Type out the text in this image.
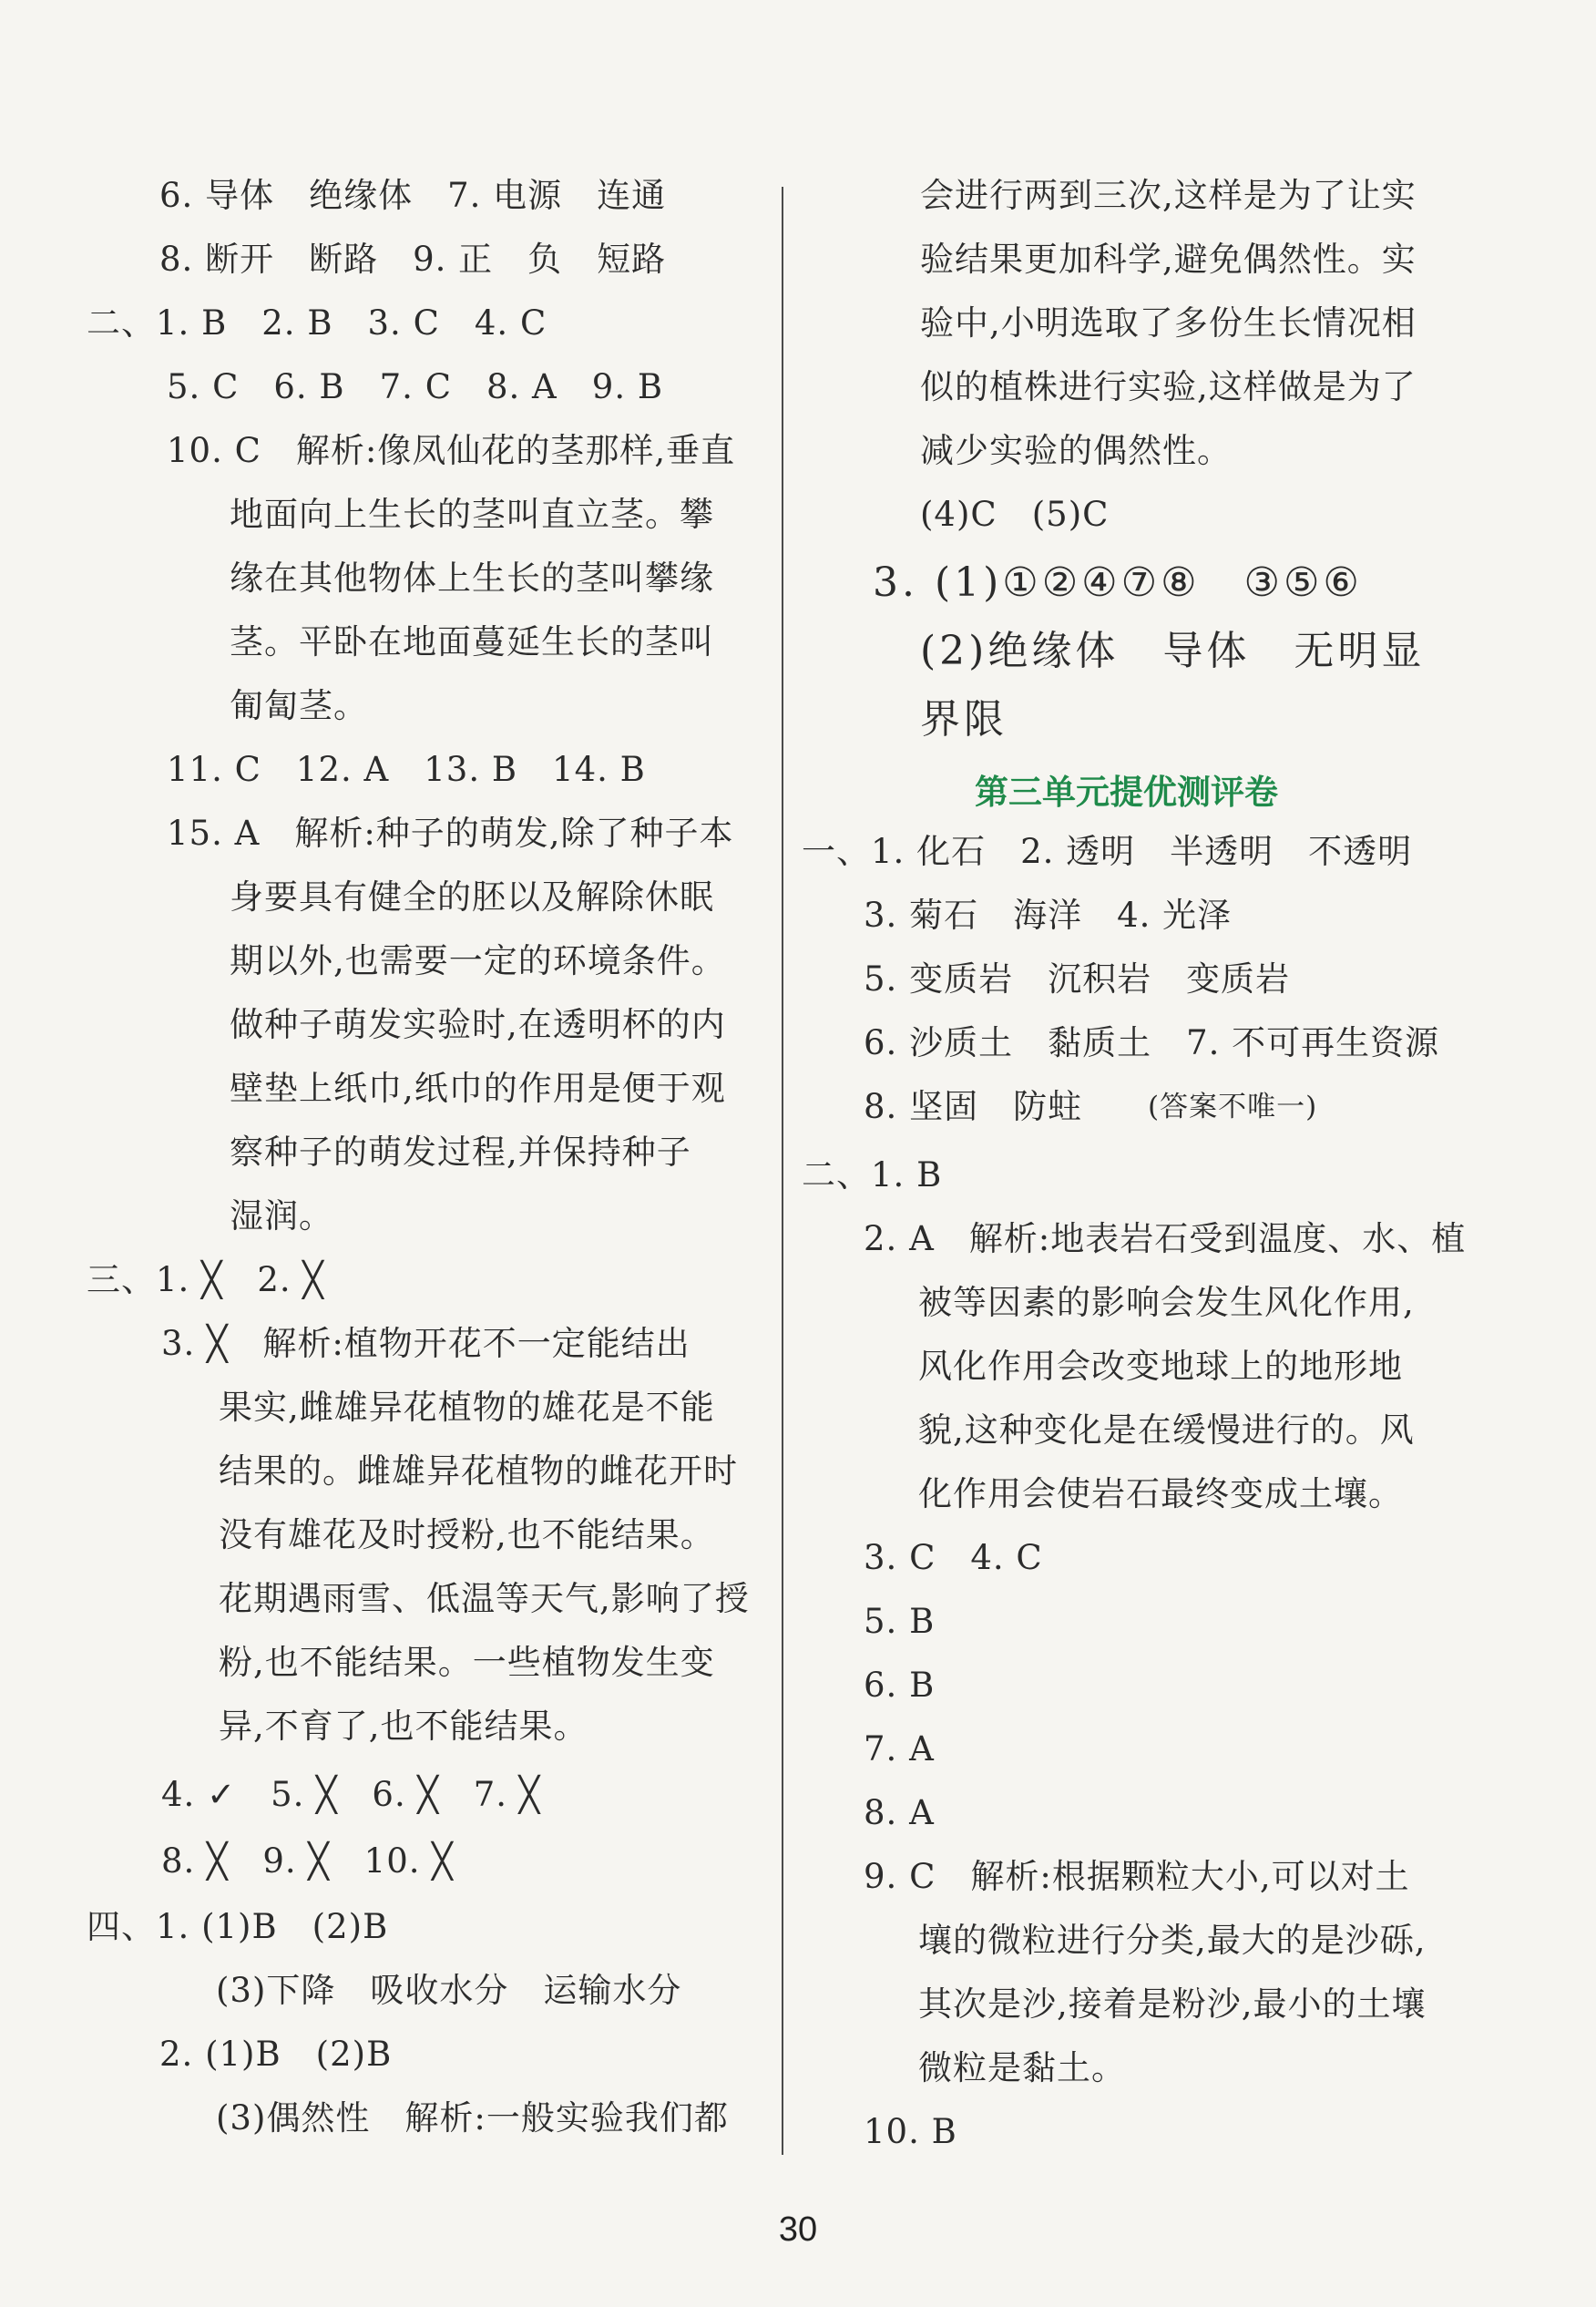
6. 导体　绝缘体　7. 电源　连通
8. 断开　断路　9. 正　负　短路
二、1. B　2. B　3. C　4. C
5. C　6. B　7. C　8. A　9. B
10. C　解析:像凤仙花的茎那样,垂直
地面向上生长的茎叫直立茎。攀
缘在其他物体上生长的茎叫攀缘
茎。平卧在地面蔓延生长的茎叫
匍匐茎。
11. C　12. A　13. B　14. B
15. A　解析:种子的萌发,除了种子本
身要具有健全的胚以及解除休眠
期以外,也需要一定的环境条件。
做种子萌发实验时,在透明杯的内
壁垫上纸巾,纸巾的作用是便于观
察种子的萌发过程,并保持种子
湿润。
三、1. ╳　2. ╳
3. ╳　解析:植物开花不一定能结出
果实,雌雄异花植物的雄花是不能
结果的。雌雄异花植物的雌花开时
没有雄花及时授粉,也不能结果。
花期遇雨雪、低温等天气,影响了授
粉,也不能结果。一些植物发生变
异,不育了,也不能结果。
4. ✓　5. ╳　6. ╳　7. ╳
8. ╳　9. ╳　10. ╳
四、1. (1)B　(2)B
(3)下降　吸收水分　运输水分
2. (1)B　(2)B
(3)偶然性　解析:一般实验我们都
会进行两到三次,这样是为了让实
验结果更加科学,避免偶然性。实
验中,小明选取了多份生长情况相
似的植株进行实验,这样做是为了
减少实验的偶然性。
(4)C　(5)C
3. (1)①②④⑦⑧　③⑤⑥
(2)绝缘体　导体　无明显
界限
第三单元提优测评卷
一、1. 化石　2. 透明　半透明　不透明
3. 菊石　海洋　4. 光泽
5. 变质岩　沉积岩　变质岩
6. 沙质土　黏质土　7. 不可再生资源
8. 坚固　防蛀 (答案不唯一)
二、1. B
2. A　解析:地表岩石受到温度、水、植
被等因素的影响会发生风化作用,
风化作用会改变地球上的地形地
貌,这种变化是在缓慢进行的。风
化作用会使岩石最终变成土壤。
3. C　4. C
5. B
6. B
7. A
8. A
9. C　解析:根据颗粒大小,可以对土
壤的微粒进行分类,最大的是沙砾,
其次是沙,接着是粉沙,最小的土壤
微粒是黏土。
10. B
30
